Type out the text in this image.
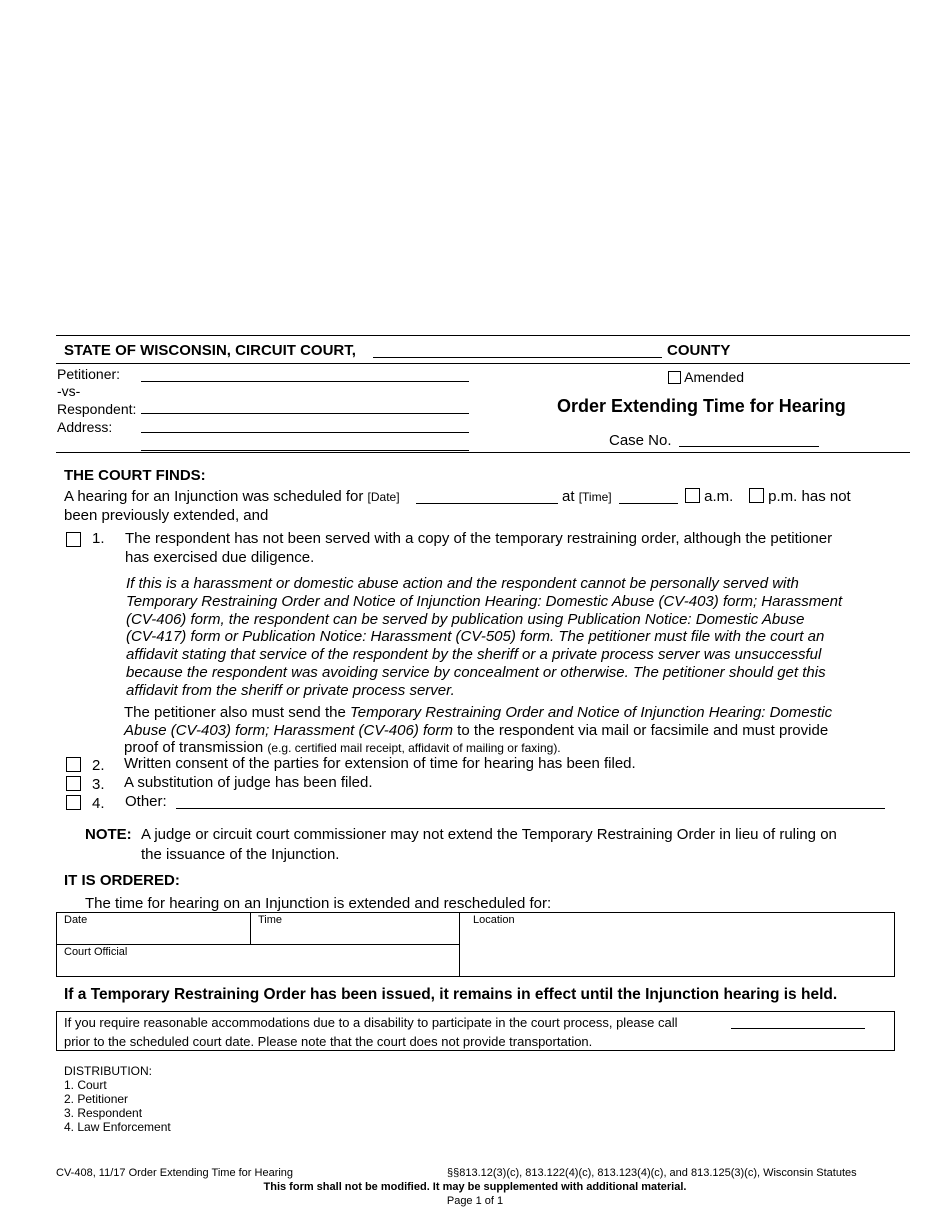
STATE OF WISCONSIN, CIRCUIT COURT,	COUNTY
Petitioner:
-vs-
Respondent:
Address:
Amended
Order Extending Time for Hearing
Case No.
THE COURT FINDS:
A hearing for an Injunction was scheduled for [Date]	at [Time]	a.m.	p.m. has not
been previously extended, and
1. The respondent has not been served with a copy of the temporary restraining order, although the petitioner
has exercised due diligence.

If this is a harassment or domestic abuse action and the respondent cannot be personally served with

Temporary Restraining Order and Notice of Injunction Hearing: Domestic Abuse (CV-403) form; Harassment

(CV-406) form, the respondent can be served by publication using Publication Notice: Domestic Abuse

(CV-417) form or Publication Notice: Harassment (CV-505) form. The petitioner must file with the court an

affidavit stating that service of the respondent by the sheriff or a private process server was unsuccessful

because the respondent was avoiding service by concealment or otherwise. The petitioner should get this

affidavit from the sheriff or private process server.

The petitioner also must send the Temporary Restraining Order and Notice of Injunction Hearing: Domestic

Abuse (CV-403) form; Harassment (CV-406) form to the respondent via mail or facsimile and must provide

proof of transmission (e.g. certified mail receipt, affidavit of mailing or faxing).

2. Written consent of the parties for extension of time for hearing has been filed.
3. A substitution of judge has been filed.
4. Other:
NOTE: A judge or circuit court commissioner may not extend the Temporary Restraining Order in lieu of ruling on
the issuance of the Injunction.
IT IS ORDERED:
The time for hearing on an Injunction is extended and rescheduled for:
Date	Time	Location
Court Official
If a Temporary Restraining Order has been issued, it remains in effect until the Injunction hearing is held.
If you require reasonable accommodations due to a disability to participate in the court process, please call
prior to the scheduled court date. Please note that the court does not provide transportation.

DISTRIBUTION:

1. Court

2. Petitioner

3. Respondent

4. Law Enforcement

CV-408, 11/17 Order Extending Time for Hearing	§§813.12(3)(c), 813.122(4)(c), 813.123(4)(c), and 813.125(3)(c), Wisconsin Statutes
This form shall not be modified. It may be supplemented with additional material.
Page 1 of 1
